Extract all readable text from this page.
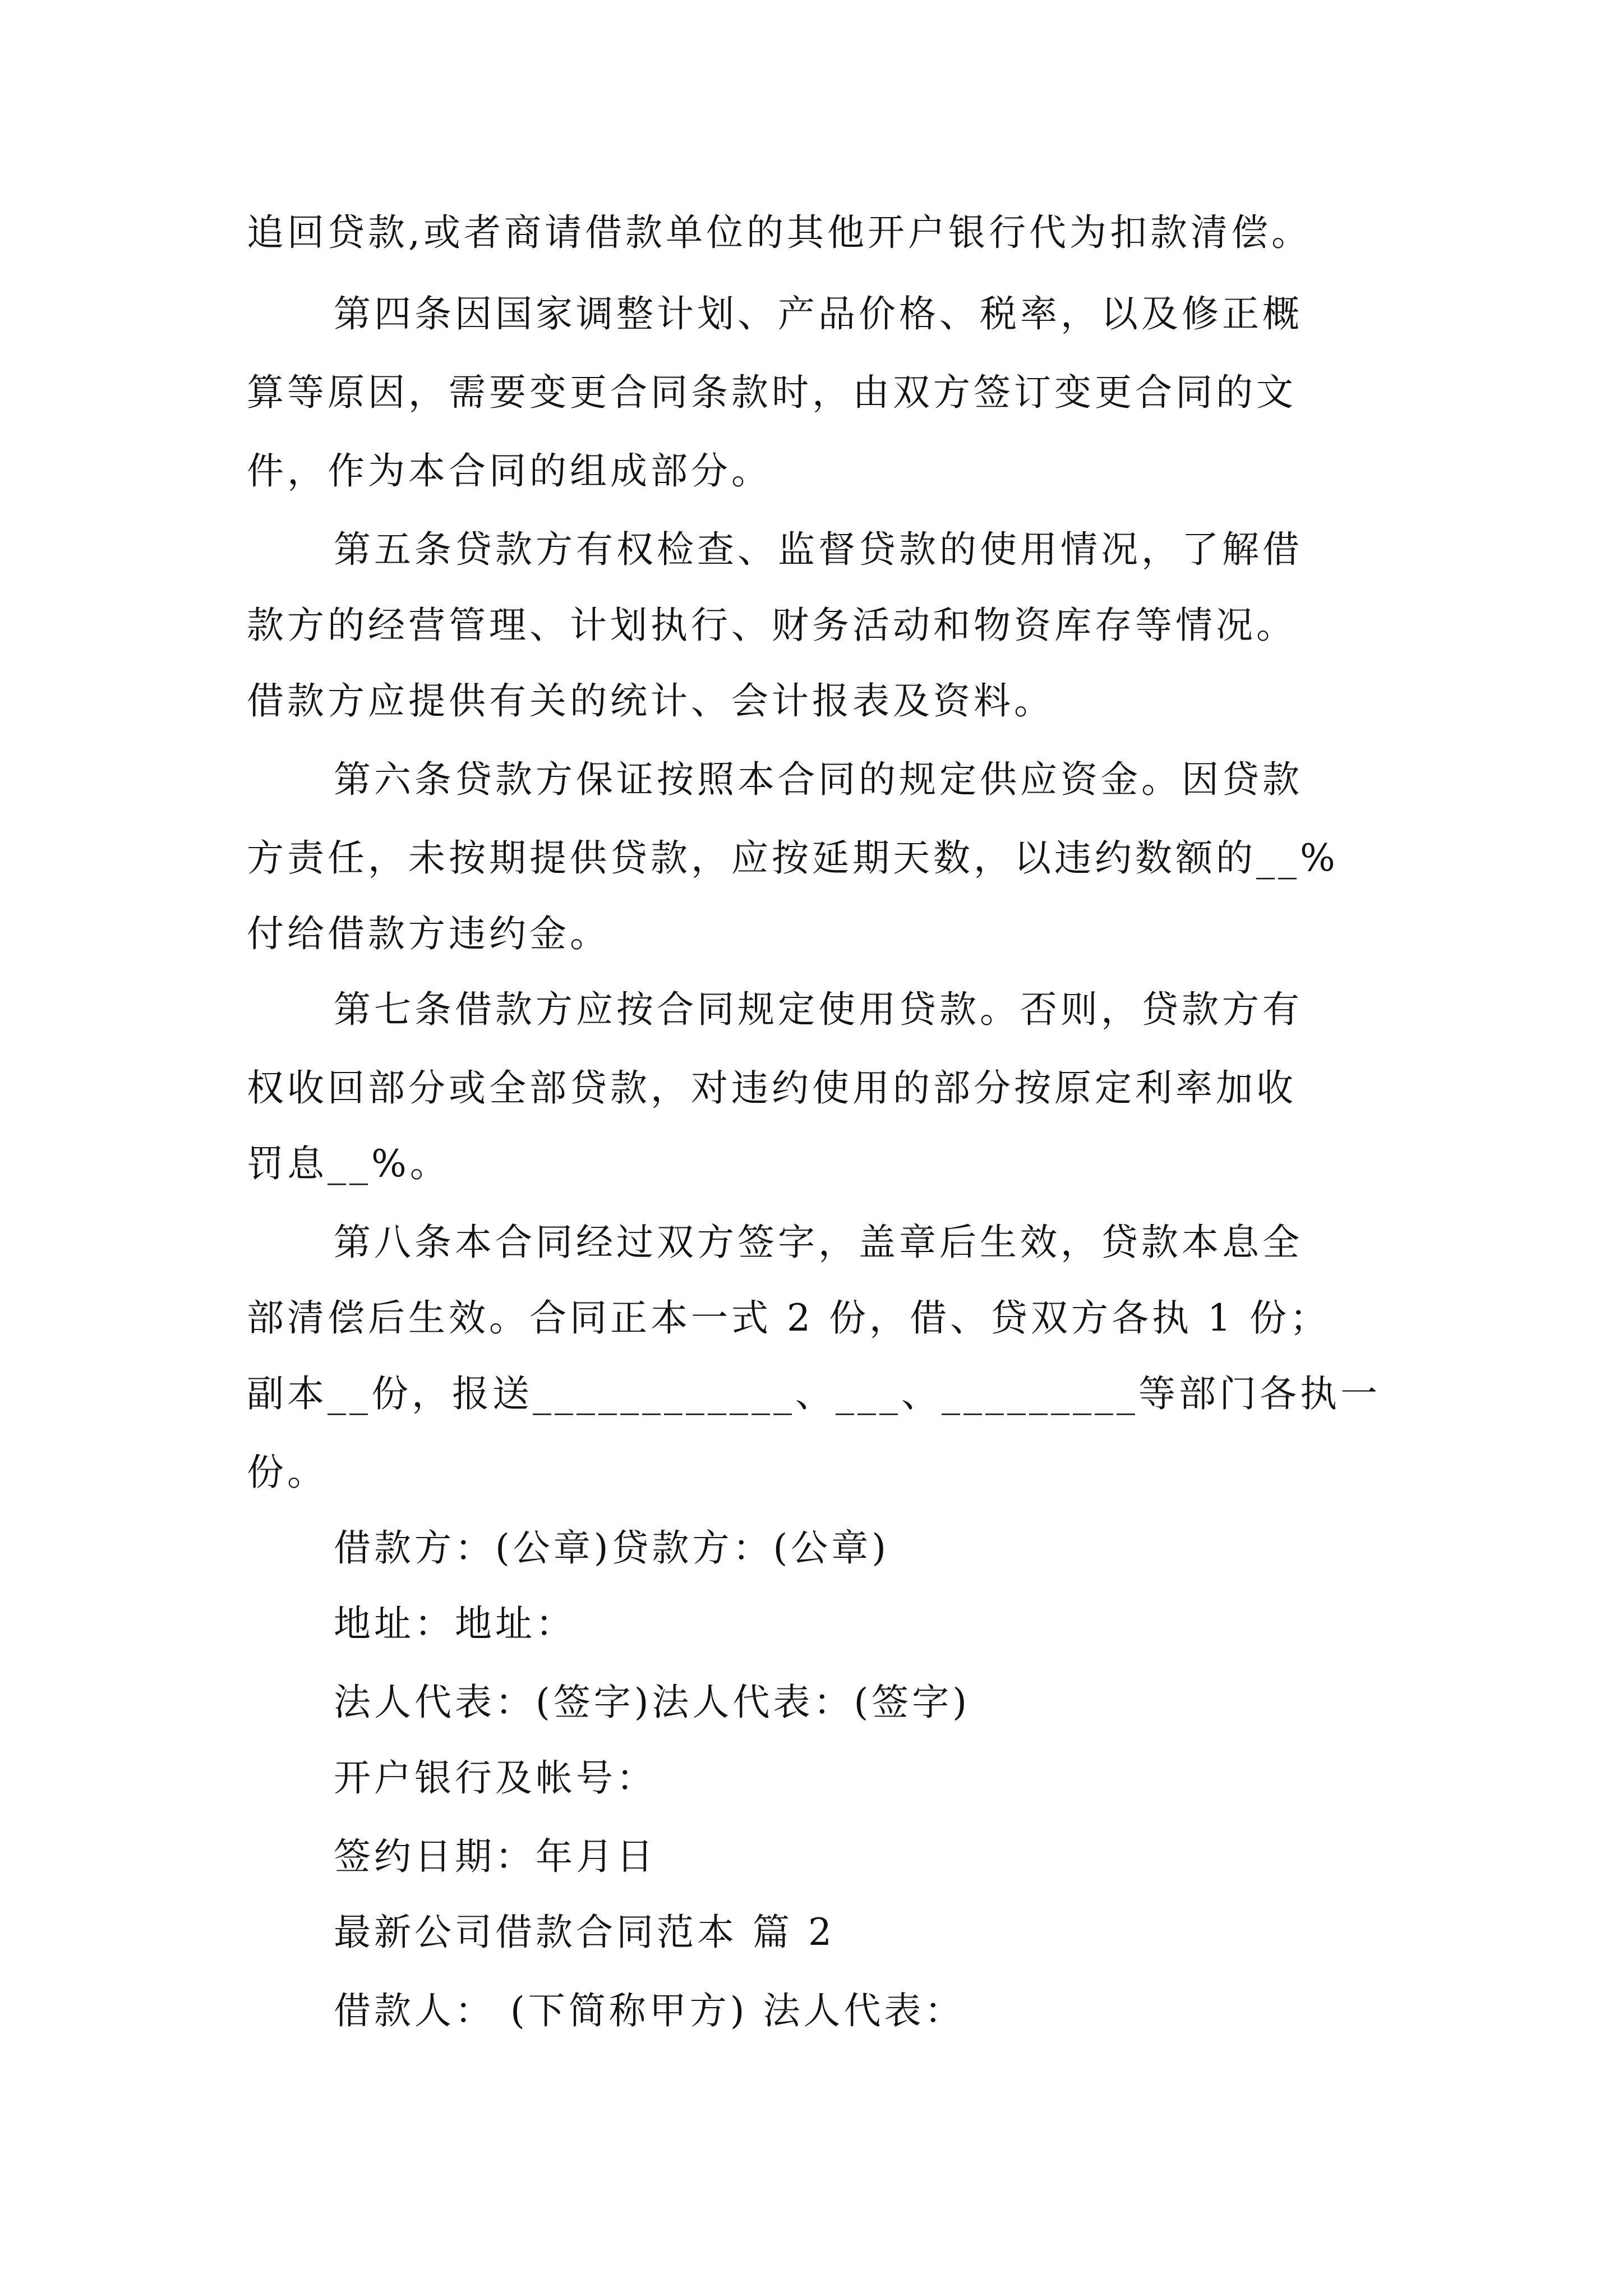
追回贷款,或者商请借款单位的其他开户银行代为扣款清偿。
第四条因国家调整计划、产品价格、税率，以及修正概
算等原因，需要变更合同条款时，由双方签订变更合同的文
件，作为本合同的组成部分。
第五条贷款方有权检查、监督贷款的使用情况，了解借
款方的经营管理、计划执行、财务活动和物资库存等情况。
借款方应提供有关的统计、会计报表及资料。
第六条贷款方保证按照本合同的规定供应资金。因贷款
方责任，未按期提供贷款，应按延期天数，以违约数额的__%
付给借款方违约金。
第七条借款方应按合同规定使用贷款。否则，贷款方有
权收回部分或全部贷款，对违约使用的部分按原定利率加收
罚息__%。
第八条本合同经过双方签字，盖章后生效，贷款本息全
部清偿后生效。合同正本一式 2 份，借、贷双方各执 1 份；
副本__份，报送____________、___、_________等部门各执一
份。
借款方：(公章)贷款方：(公章)
地址：地址：
法人代表：(签字)法人代表：(签字)
开户银行及帐号：
签约日期：年月日
最新公司借款合同范本 篇 2
借款人： (下简称甲方) 法人代表：
